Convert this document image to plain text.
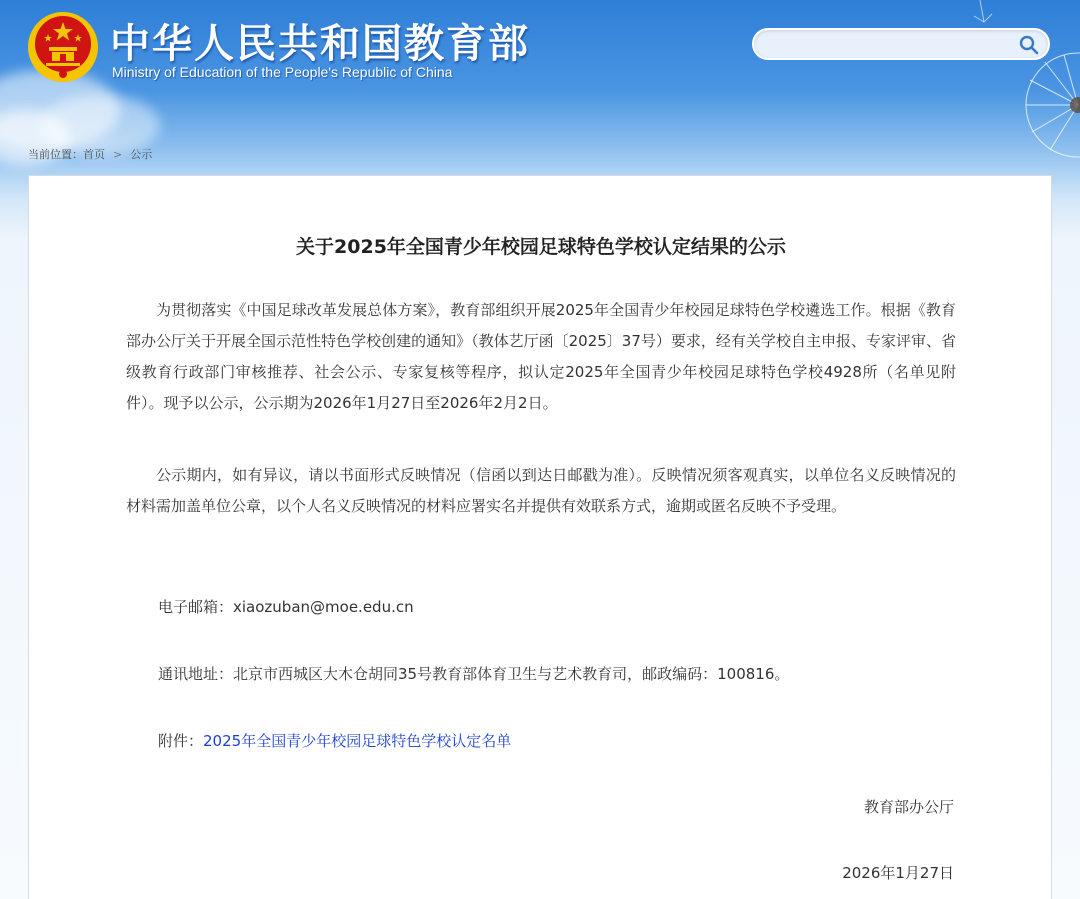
中华人民共和国教育部
Ministry of Education of the People's Republic of China
当前位置：首页 > 公示
关于2025年全国青少年校园足球特色学校认定结果的公示

为贯彻落实《中国足球改革发展总体方案》，教育部组织开展2025年全国青少年校园足球特色学校遴选工作。根据《教育部办公厅关于开展全国示范性特色学校创建的通知》（教体艺厅函〔2025〕37号）要求，经有关学校自主申报、专家评审、省级教育行政部门审核推荐、社会公示、专家复核等程序，拟认定2025年全国青少年校园足球特色学校4928所（名单见附件）。现予以公示，公示期为2026年1月27日至2026年2月2日。

公示期内，如有异议，请以书面形式反映情况（信函以到达日邮戳为准）。反映情况须客观真实，以单位名义反映情况的材料需加盖单位公章，以个人名义反映情况的材料应署实名并提供有效联系方式，逾期或匿名反映不予受理。

电子邮箱：xiaozuban@moe.edu.cn
通讯地址：北京市西城区大木仓胡同35号教育部体育卫生与艺术教育司，邮政编码：100816。
附件：2025年全国青少年校园足球特色学校认定名单
教育部办公厅
2026年1月27日
